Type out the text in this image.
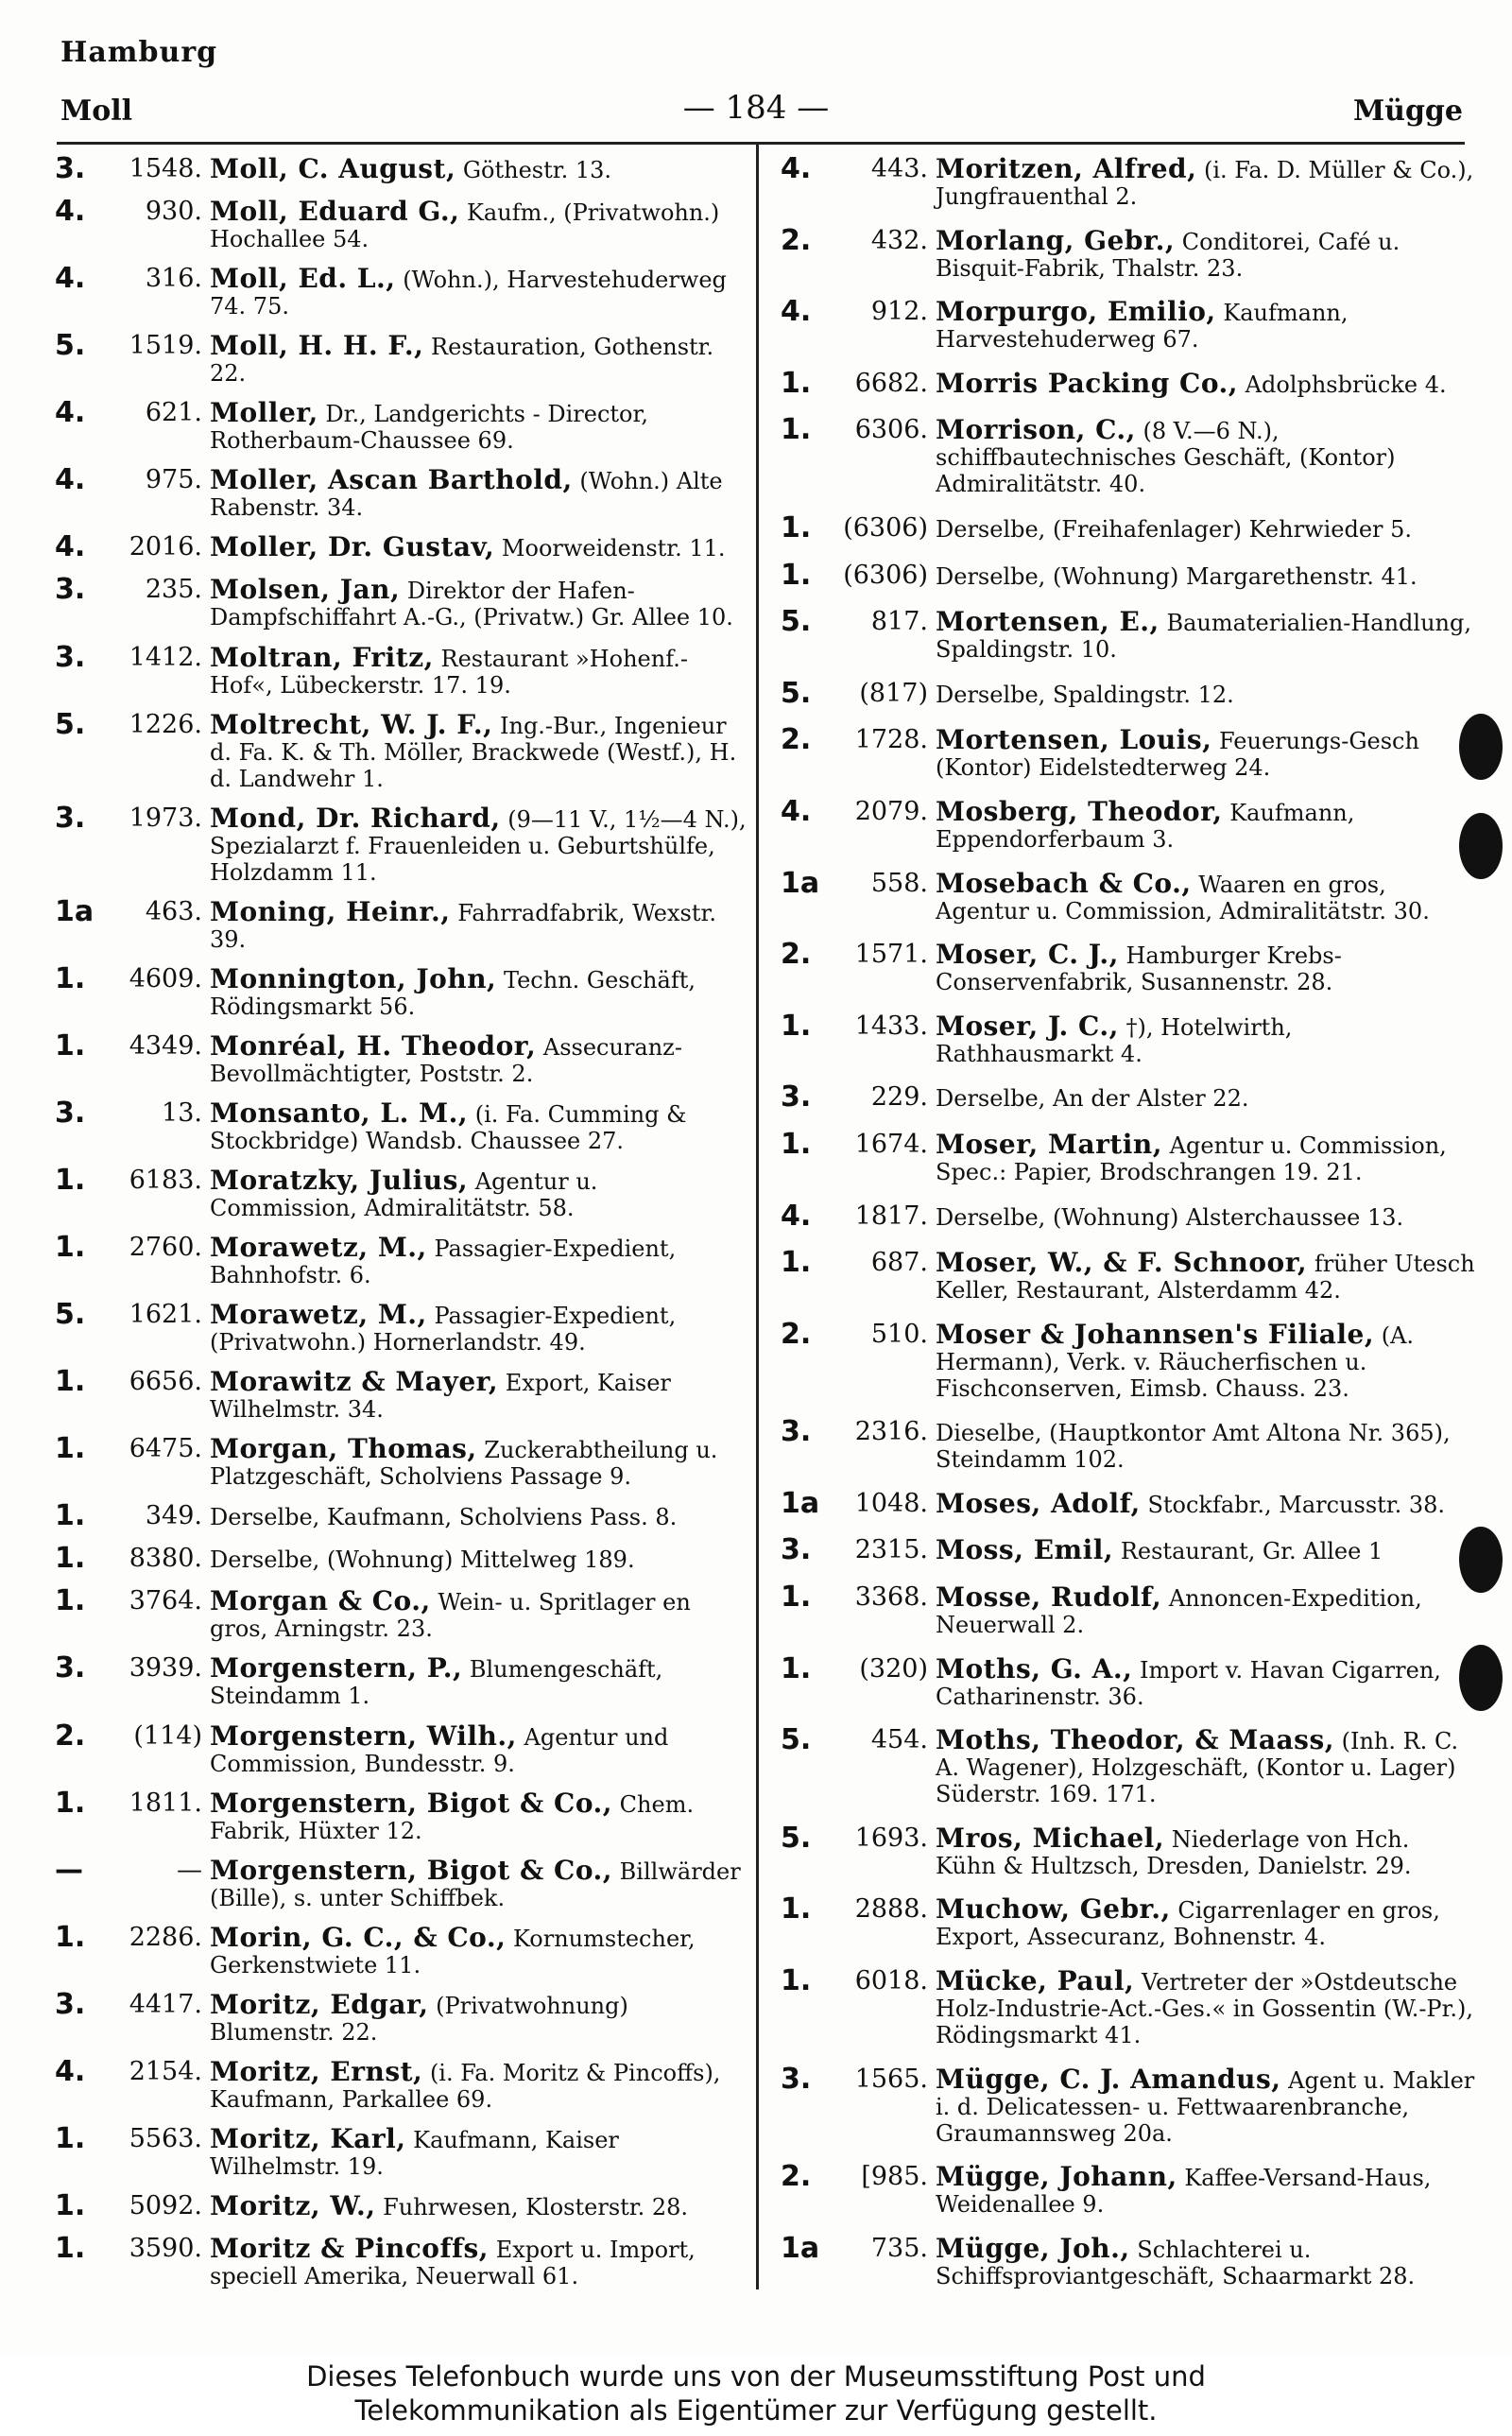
Hamburg
Moll	— 184 —	Mügge
3.	1548. Moll, C. August, Göthestr. 13.
4.	930. Moll, Eduard G., Kaufm., (Privatwohn.) Hochallee 54.
4.	316. Moll, Ed. L., (Wohn.), Harvestehuderweg 74. 75.
5.	1519. Moll, H. H. F., Restauration, Gothenstr. 22.
4.	621. Moller, Dr., Landgerichts - Director, Rotherbaum-Chaussee 69.
4.	975. Moller, Ascan Barthold, (Wohn.) Alte Rabenstr. 34.
4.	2016. Moller, Dr. Gustav, Moorweidenstr. 11.
3.	235. Molsen, Jan, Direktor der Hafen-Dampfschiffahrt A.-G., (Privatw.) Gr. Allee 10.
3.	1412. Moltran, Fritz, Restaurant »Hohenf.-Hof«, Lübeckerstr. 17. 19.
5.	1226. Moltrecht, W. J. F., Ing.-Bur., Ingenieur d. Fa. K. & Th. Möller, Brackwede (Westf.), H. d. Landwehr 1.
3.	1973. Mond, Dr. Richard, (9—11 V., 1½—4 N.), Spezialarzt f. Frauenleiden u. Geburtshülfe, Holzdamm 11.
1a	463. Moning, Heinr., Fahrradfabrik, Wexstr. 39.
1.	4609. Monnington, John, Techn. Geschäft, Rödingsmarkt 56.
1.	4349. Monréal, H. Theodor, Assecuranz-Bevollmächtigter, Poststr. 2.
3.	13. Monsanto, L. M., (i. Fa. Cumming & Stockbridge) Wandsb. Chaussee 27.
1.	6183. Moratzky, Julius, Agentur u. Commission, Admiralitätstr. 58.
1.	2760. Morawetz, M., Passagier-Expedient, Bahnhofstr. 6.
5.	1621. Morawetz, M., Passagier-Expedient, (Privatwohn.) Hornerlandstr. 49.
1.	6656. Morawitz & Mayer, Export, Kaiser Wilhelmstr. 34.
1.	6475. Morgan, Thomas, Zuckerabtheilung u. Platzgeschäft, Scholviens Passage 9.
1.	349. Derselbe, Kaufmann, Scholviens Pass. 8.
1.	8380. Derselbe, (Wohnung) Mittelweg 189.
1.	3764. Morgan & Co., Wein- u. Spritlager en gros, Arningstr. 23.
3.	3939. Morgenstern, P., Blumengeschäft, Steindamm 1.
2.	(114) Morgenstern, Wilh., Agentur und Commission, Bundesstr. 9.
1.	1811. Morgenstern, Bigot & Co., Chem. Fabrik, Hüxter 12.
—	— Morgenstern, Bigot & Co., Billwärder (Bille), s. unter Schiffbek.
1.	2286. Morin, G. C., & Co., Kornumstecher, Gerkenstwiete 11.
3.	4417. Moritz, Edgar, (Privatwohnung) Blumenstr. 22.
4.	2154. Moritz, Ernst, (i. Fa. Moritz & Pincoffs), Kaufmann, Parkallee 69.
1.	5563. Moritz, Karl, Kaufmann, Kaiser Wilhelmstr. 19.
1.	5092. Moritz, W., Fuhrwesen, Klosterstr. 28.
1.	3590. Moritz & Pincoffs, Export u. Import, speciell Amerika, Neuerwall 61.
4.	443. Moritzen, Alfred, (i. Fa. D. Müller & Co.), Jungfrauenthal 2.
2.	432. Morlang, Gebr., Conditorei, Café u. Bisquit-Fabrik, Thalstr. 23.
4.	912. Morpurgo, Emilio, Kaufmann, Harvestehuderweg 67.
1.	6682. Morris Packing Co., Adolphsbrücke 4.
1.	6306. Morrison, C., (8 V.—6 N.), schiffbautechnisches Geschäft, (Kontor) Admiralitätstr. 40.
1.	(6306) Derselbe, (Freihafenlager) Kehrwieder 5.
1.	(6306) Derselbe, (Wohnung) Margarethenstr. 41.
5.	817. Mortensen, E., Baumaterialien-Handlung, Spaldingstr. 10.
5.	(817) Derselbe, Spaldingstr. 12.
2.	1728. Mortensen, Louis, Feuerungs-Gesch (Kontor) Eidelstedterweg 24.
4.	2079. Mosberg, Theodor, Kaufmann, Eppendorferbaum 3.
1a	558. Mosebach & Co., Waaren en gros, Agentur u. Commission, Admiralitätstr. 30.
2.	1571. Moser, C. J., Hamburger Krebs-Conservenfabrik, Susannenstr. 28.
1.	1433. Moser, J. C., †), Hotelwirth, Rathhausmarkt 4.
3.	229. Derselbe, An der Alster 22.
1.	1674. Moser, Martin, Agentur u. Commission, Spec.: Papier, Brodschrangen 19. 21.
4.	1817. Derselbe, (Wohnung) Alsterchaussee 13.
1.	687. Moser, W., & F. Schnoor, früher Utesch Keller, Restaurant, Alsterdamm 42.
2.	510. Moser & Johannsen's Filiale, (A. Hermann), Verk. v. Räucherfischen u. Fischconserven, Eimsb. Chauss. 23.
3.	2316. Dieselbe, (Hauptkontor Amt Altona Nr. 365), Steindamm 102.
1a	1048. Moses, Adolf, Stockfabr., Marcusstr. 38.
3.	2315. Moss, Emil, Restaurant, Gr. Allee 1
1.	3368. Mosse, Rudolf, Annoncen-Expedition, Neuerwall 2.
1.	(320) Moths, G. A., Import v. Havan Cigarren, Catharinenstr. 36.
5.	454. Moths, Theodor, & Maass, (Inh. R. C. A. Wagener), Holzgeschäft, (Kontor u. Lager) Süderstr. 169. 171.
5.	1693. Mros, Michael, Niederlage von Hch. Kühn & Hultzsch, Dresden, Danielstr. 29.
1.	2888. Muchow, Gebr., Cigarrenlager en gros, Export, Assecuranz, Bohnenstr. 4.
1.	6018. Mücke, Paul, Vertreter der »Ostdeutsche Holz-Industrie-Act.-Ges.« in Gossentin (W.-Pr.), Rödingsmarkt 41.
3.	1565. Mügge, C. J. Amandus, Agent u. Makler i. d. Delicatessen- u. Fettwaarenbranche, Graumannsweg 20a.
2.	[985. Mügge, Johann, Kaffee-Versand-Haus, Weidenallee 9.
1a	735. Mügge, Joh., Schlachterei u. Schiffsproviantgeschäft, Schaarmarkt 28.
Dieses Telefonbuch wurde uns von der Museumsstiftung Post und
Telekommunikation als Eigentümer zur Verfügung gestellt.
